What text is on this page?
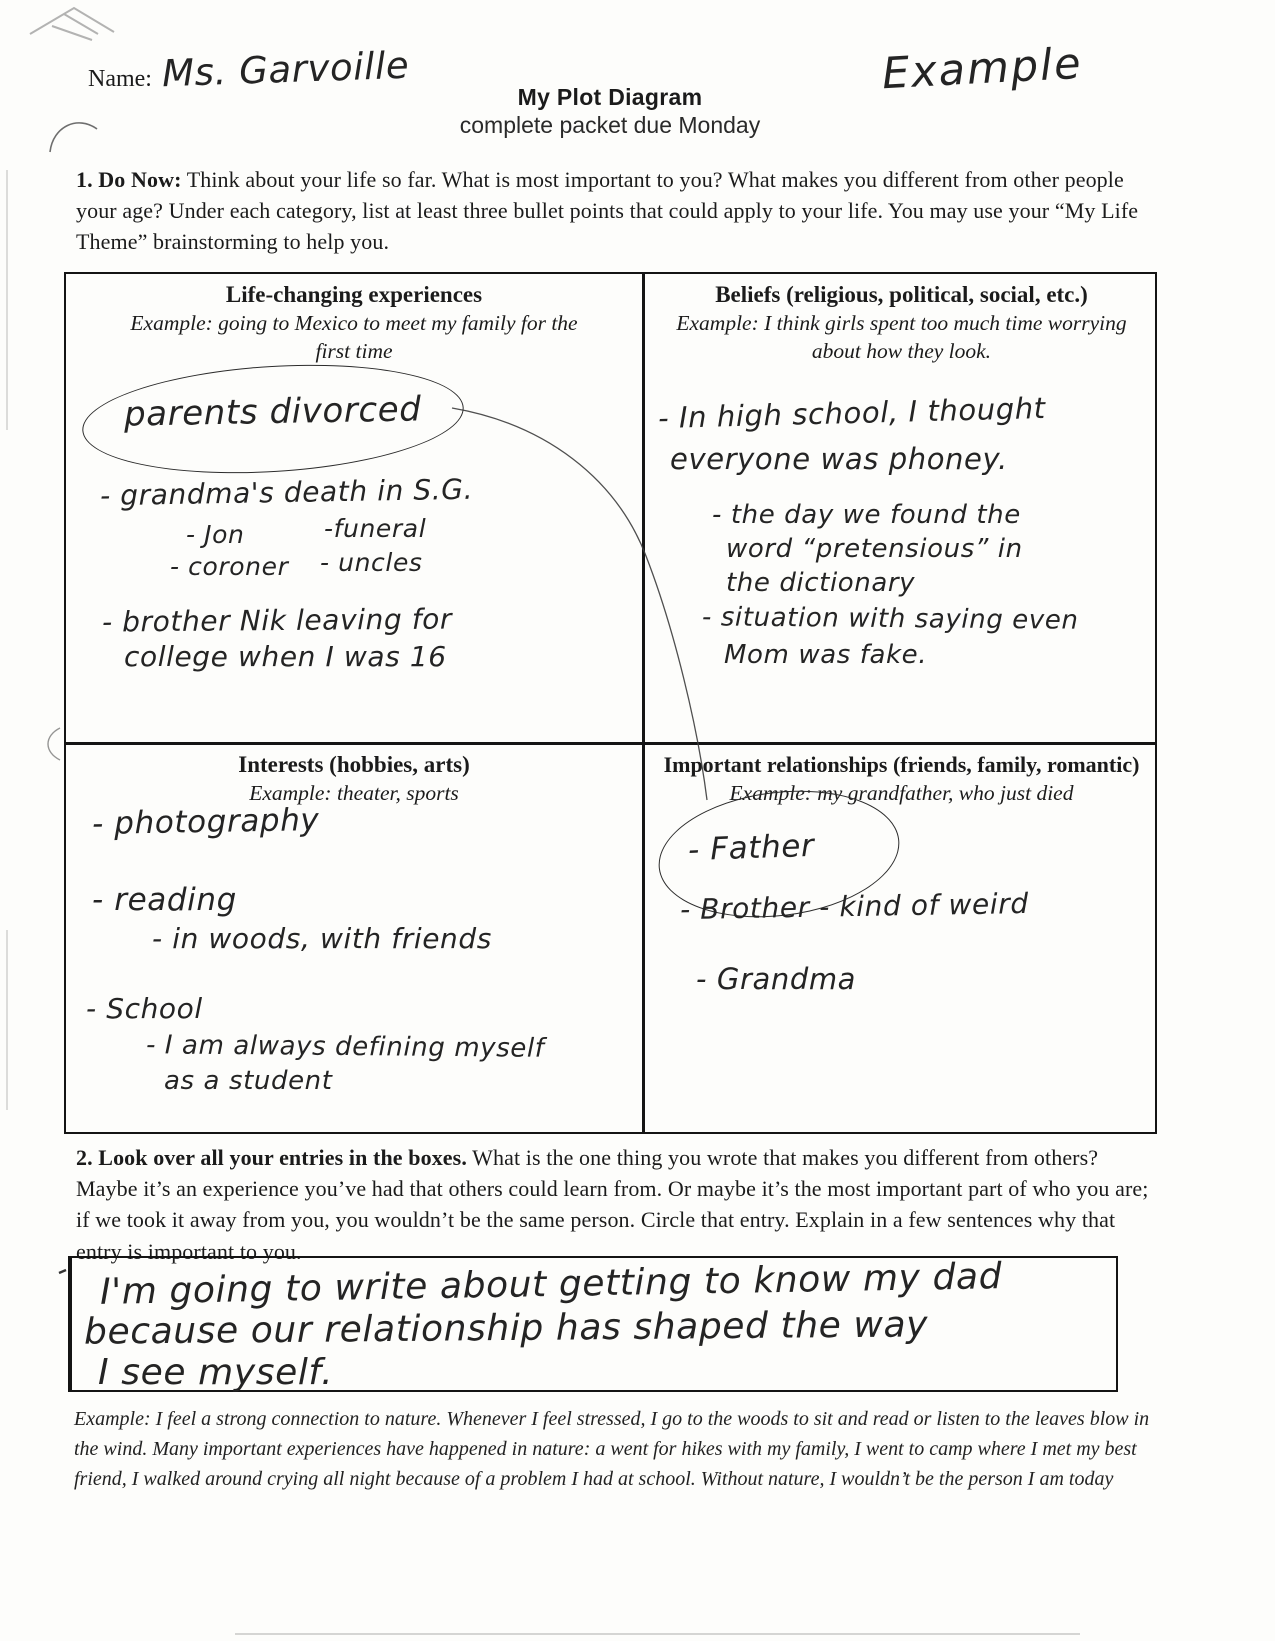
Name: Ms. Garvoille	Example
My Plot Diagram
complete packet due Monday
1. Do Now: Think about your life so far. What is most important to you? What makes you different from other people your age? Under each category, list at least three bullet points that could apply to your life. You may use your “My Life Theme” brainstorming to help you.
Life-changing experiences
Example: going to Mexico to meet my family for the first time
parents divorced
- grandma's death in S.G.
- Jon	-funeral
- coroner - uncles
- brother Nik leaving for
college when I was 16
Beliefs (religious, political, social, etc.)
Example: I think girls spent too much time worrying about how they look.
- In high school, I thought
everyone was phoney.
- the day we found the
word “pretensious” in
the dictionary
- situation with saying even
Mom was fake.
Interests (hobbies, arts)
Example: theater, sports
- photography
- reading
- in woods, with friends
- School
- I am always defining myself
as a student
Important relationships (friends, family, romantic)
Example: my grandfather, who just died
- Father
- Brother - kind of weird
- Grandma
2. Look over all your entries in the boxes. What is the one thing you wrote that makes you different from others? Maybe it’s an experience you’ve had that others could learn from. Or maybe it’s the most important part of who you are; if we took it away from you, you wouldn’t be the same person. Circle that entry. Explain in a few sentences why that entry is important to you.
I'm going to write about getting to know my dad
because our relationship has shaped the way
I see myself.
Example: I feel a strong connection to nature. Whenever I feel stressed, I go to the woods to sit and read or listen to the leaves blow in the wind. Many important experiences have happened in nature: a went for hikes with my family, I went to camp where I met my best friend, I walked around crying all night because of a problem I had at school. Without nature, I wouldn’t be the person I am today
